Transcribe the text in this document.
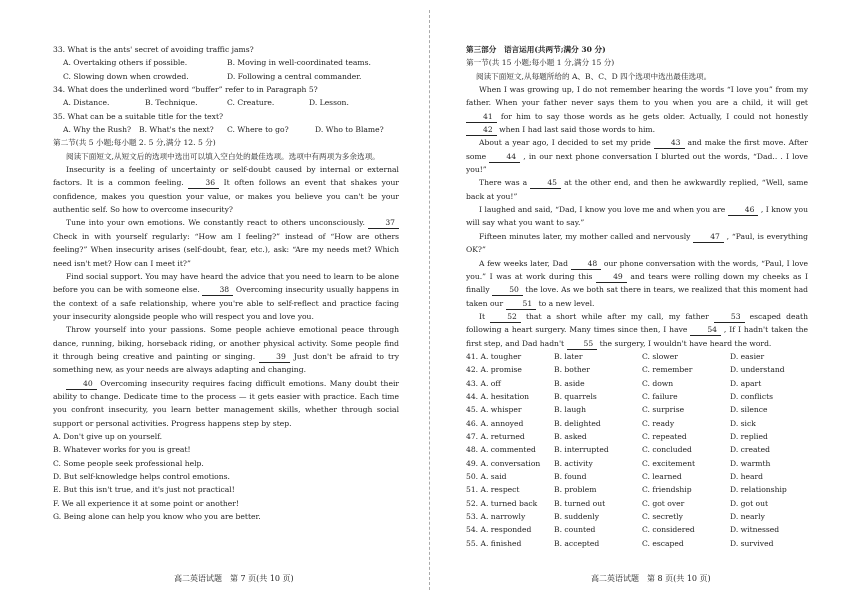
33. What is the ants' secret of avoiding traffic jams?
A. Overtaking others if possible.	B. Moving in well-coordinated teams.
C. Slowing down when crowded.	D. Following a central commander.
34. What does the underlined word “buffer” refer to in Paragraph 5?
A. Distance.	B. Technique.	C. Creature.	D. Lesson.
35. What can be a suitable title for the text?
A. Why the Rush?	B. What's the next?	C. Where to go?	D. Who to Blame?
第二节(共 5 小题;每小题 2. 5 分,满分 12. 5 分)

阅读下面短文,从短文后的选项中选出可以填入空白处的最佳选项。选项中有两项为多余选项。

Insecurity is a feeling of uncertainty or self-doubt caused by internal or external factors. It is a common feeling.	36 It often follows an event that shakes your confidence, makes you question your value, or makes you believe you can't be your authentic self. So how to overcome insecurity?

Tune into your own emotions. We constantly react to others unconsciously.	37 Check in with yourself regularly: “How am I feeling?” instead of “How are others feeling?” When insecurity arises (self-doubt, fear, etc.), ask: “Are my needs met? Which need isn't met? How can I meet it?”

Find social support. You may have heard the advice that you need to learn to be alone before you can be with someone else.	38 Overcoming insecurity usually happens in the context of a safe relationship, where you're able to self-reflect and practice facing your insecurity alongside people who will respect you and love you.

Throw yourself into your passions. Some people achieve emotional peace through dance, running, biking, horseback riding, or another physical activity. Some people find it through being creative and painting or singing.	39 Just don't be afraid to try something new, as your needs are always adapting and changing.

40 Overcoming insecurity requires facing difficult emotions. Many doubt their ability to change. Dedicate time to the process — it gets easier with practice. Each time you confront insecurity, you learn better management skills, whether through social support or personal activities. Progress happens step by step.

A. Don't give up on yourself.
B. Whatever works for you is great!
C. Some people seek professional help.
D. But self-knowledge helps control emotions.
E. But this isn't true, and it's just not practical!
F. We all experience it at some point or another!
G. Being alone can help you know who you are better.
第三部分　语言运用(共两节;满分 30 分)
第一节(共 15 小题;每小题 1 分,满分 15 分)
阅读下面短文,从每题所给的 A、B、C、D 四个选项中选出最佳选项。

When I was growing up, I do not remember hearing the words “I love you” from my father. When your father never says them to you when you are a child, it will get 41 for him to say those words as he gets older. Actually, I could not honestly 42 when I had last said those words to him.

About a year ago, I decided to set my pride	43 and make the first move. After some	44 , in our next phone conversation I blurted out the words, “Dad.. . I love you!”

There was a	45 at the other end, and then he awkwardly replied, “Well, same back at you!”

I laughed and said, “Dad, I know you love me and when you are	46 , I know you will say what you want to say.”

Fifteen minutes later, my mother called and nervously	47 , “Paul, is everything OK?”

A few weeks later, Dad	48 our phone conversation with the words, “Paul, I love you.” I was at work during this	49 and tears were rolling down my cheeks as I finally	50 the love. As we both sat there in tears, we realized that this moment had taken our	51 to a new level.

It	52 that a short while after my call, my father	53 escaped death following a heart surgery. Many times since then, I have	54 , If I hadn't taken the first step, and Dad hadn't	55 the surgery, I wouldn't have heard the word.

41. A. tougher	B. later	C. slower	D. easier
42. A. promise	B. bother	C. remember	D. understand
43. A. off	B. aside	C. down	D. apart
44. A. hesitation	B. quarrels	C. failure	D. conflicts
45. A. whisper	B. laugh	C. surprise	D. silence
46. A. annoyed	B. delighted	C. ready	D. sick
47. A. returned	B. asked	C. repeated	D. replied
48. A. commented	B. interrupted	C. concluded	D. created
49. A. conversation	B. activity	C. excitement	D. warmth
50. A. said	B. found	C. learned	D. heard
51. A. respect	B. problem	C. friendship	D. relationship
52. A. turned back	B. turned out	C. got over	D. got out
53. A. narrowly	B. suddenly	C. secretly	D. nearly
54. A. responded	B. counted	C. considered	D. witnessed
55. A. finished	B. accepted	C. escaped	D. survived
高二英语试题　第 7 页(共 10 页)	高二英语试题　第 8 页(共 10 页)
